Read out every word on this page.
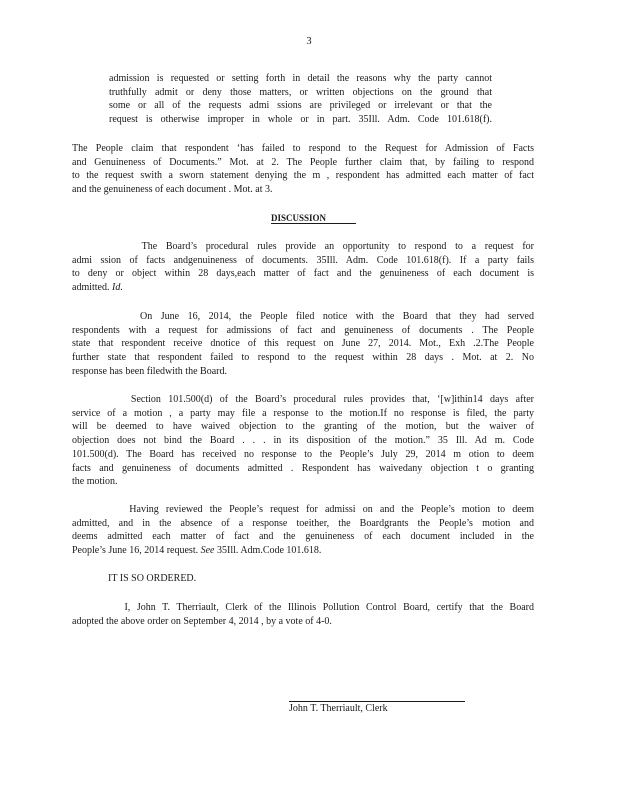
3

admission is requested or setting forth in detail the reasons why the party cannot
truthfully admit or deny those matters, or written objections on the ground that
some or all of the requests admi ssions are privileged or irrelevant or that the
request is otherwise improper in whole or in part. 35Ill. Adm. Code 101.618(f).

The People claim that respondent ‘has failed to respond to the Request for Admission of Facts
and Genuineness of Documents.” Mot. at 2. The People further claim that, by failing to respond
to the request swith a sworn statement denying the m , respondent has admitted each matter of fact
and the genuineness of each document . Mot. at 3.

DISCUSSION

The Board’s procedural rules provide an opportunity to respond to a request for
admi ssion of facts andgenuineness of documents. 35Ill. Adm. Code 101.618(f). If a party fails
to deny or object within 28 days,each matter of fact and the genuineness of each document is
admitted. Id.

On June 16, 2014, the People filed notice with the Board that they had served
respondents with a request for admissions of fact and genuineness of documents . The People
state that respondent receive dnotice of this request on June 27, 2014. Mot., Exh .2.The People
further state that respondent failed to respond to the request within 28 days . Mot. at 2. No
response has been filedwith the Board.

Section 101.500(d) of the Board’s procedural rules provides that, ‘[w]ithin14 days after
service of a motion , a party may file a response to the motion.If no response is filed, the party
will be deemed to have waived objection to the granting of the motion, but the waiver of
objection does not bind the Board . . . in its disposition of the motion.” 35 Ill. Ad m. Code
101.500(d). The Board has received no response to the People’s July 29, 2014 m otion to deem
facts and genuineness of documents admitted . Respondent has waivedany objection t o granting
the motion.

Having reviewed the People’s request for admissi on and the People’s motion to deem
admitted, and in the absence of a response toeither, the Boardgrants the People’s motion and
deems admitted each matter of fact and the genuineness of each document included in the
People’s June 16, 2014 request. See 35Ill. Adm.Code 101.618.

IT IS SO ORDERED.

I, John T. Therriault, Clerk of the Illinois Pollution Control Board, certify that the Board
adopted the above order on September 4, 2014 , by a vote of 4-0.

John T. Therriault, Clerk
